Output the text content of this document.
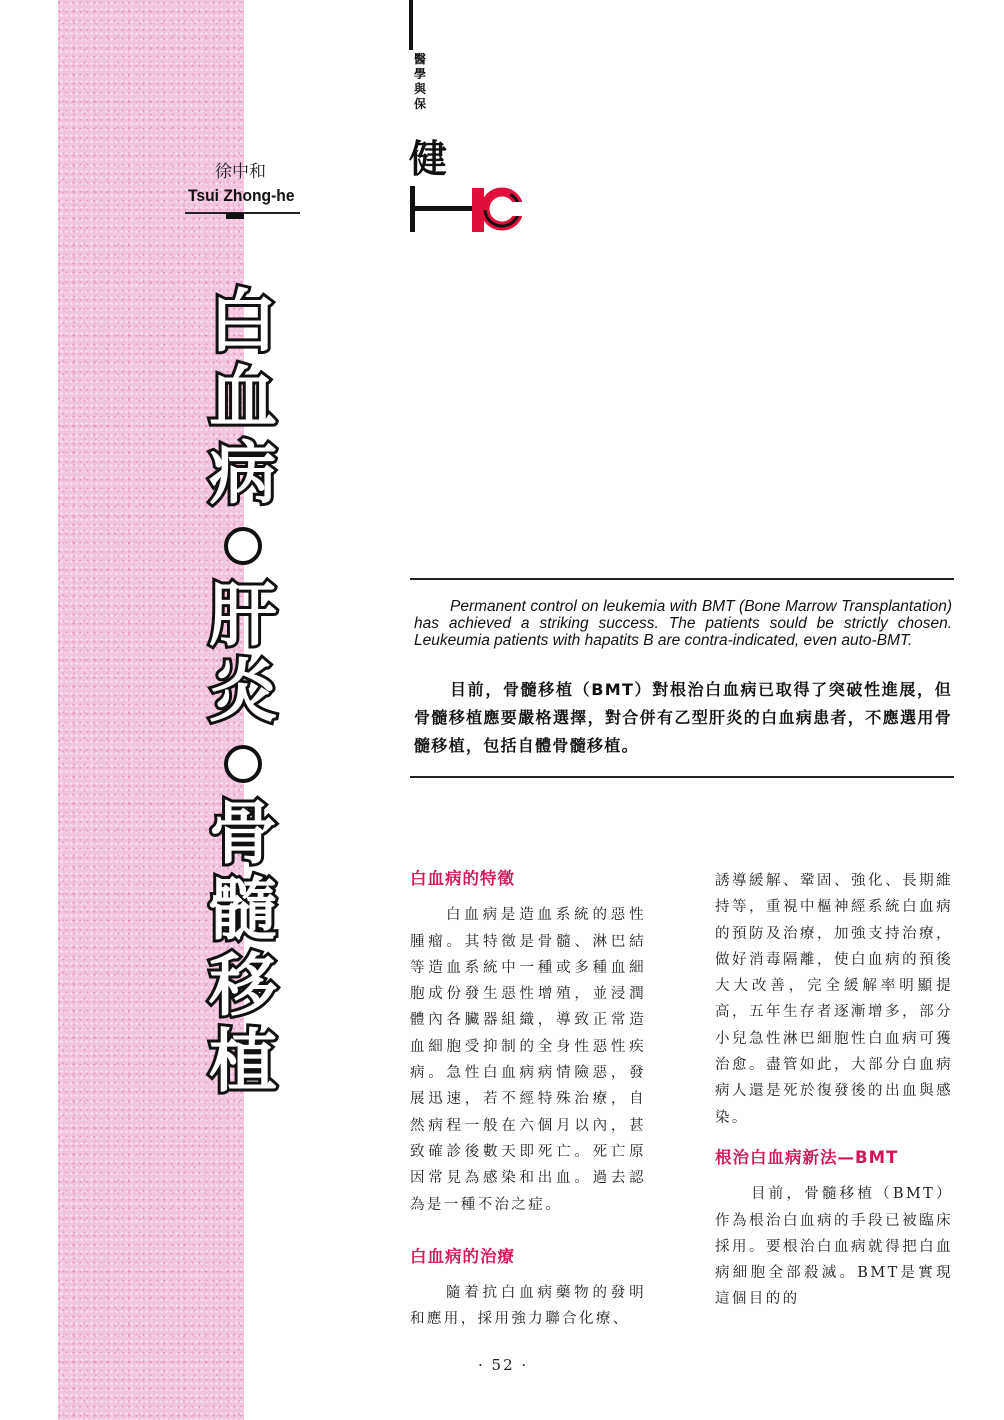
醫
學
與
保
健
徐中和
Tsui Zhong-he
白
血
病
肝
炎
骨
髓
移
植

Permanent control on leukemia with BMT (Bone Marrow Transplantation) has achieved a striking success. The patients sould be strictly chosen. Leukeumia patients with hapatits B are contra-indicated, even auto-BMT.

目前，骨髓移植（BMT）對根治白血病已取得了突破性進展，但骨髓移植應要嚴格選擇，對合併有乙型肝炎的白血病患者，不應選用骨髓移植，包括自體骨髓移植。

白血病的特徵

白血病是造血系統的惡性腫瘤。其特徵是骨髓、淋巴結等造血系統中一種或多種血細胞成份發生惡性增殖，並浸潤體內各臟器組織，導致正常造血細胞受抑制的全身性惡性疾病。急性白血病病情險惡，發展迅速，若不經特殊治療，自然病程一般在六個月以內，甚致確診後數天即死亡。死亡原因常見為感染和出血。過去認為是一種不治之症。

白血病的治療

隨着抗白血病藥物的發明和應用，採用強力聯合化療、

誘導緩解、鞏固、強化、長期維持等，重視中樞神經系統白血病的預防及治療，加強支持治療，做好消毒隔離，使白血病的預後大大改善，完全緩解率明顯提高，五年生存者逐漸增多，部分小兒急性淋巴細胞性白血病可獲治愈。盡管如此，大部分白血病病人還是死於復發後的出血與感染。

根治白血病新法—BMT

目前，骨髓移植（BMT）作為根治白血病的手段已被臨床採用。要根治白血病就得把白血病細胞全部殺滅。BMT是實現這個目的的

· 52 ·
